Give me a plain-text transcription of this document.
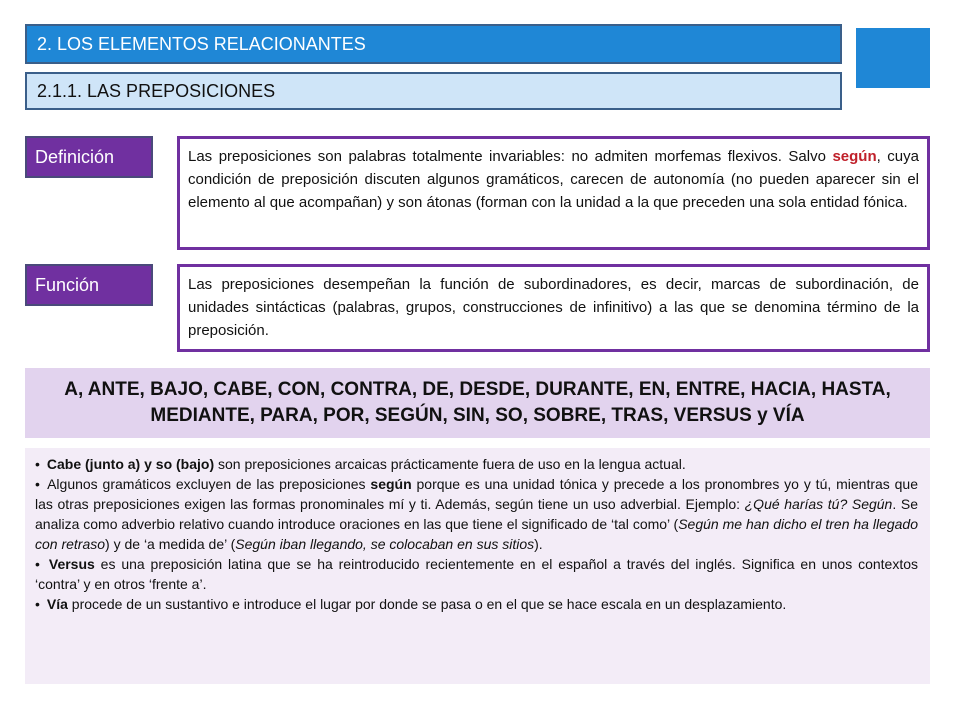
2. LOS ELEMENTOS RELACIONANTES
2.1.1. LAS PREPOSICIONES
Definición	Las preposiciones son palabras totalmente invariables: no admiten morfemas flexivos. Salvo según, cuya condición de preposición discuten algunos gramáticos, carecen de autonomía (no pueden aparecer sin el elemento al que acompañan) y son átonas (forman con la unidad a la que preceden una sola entidad fónica.
Función	Las preposiciones desempeñan la función de subordinadores, es decir, marcas de subordinación, de unidades sintácticas (palabras, grupos, construcciones de infinitivo) a las que se denomina término de la preposición.
A, ANTE, BAJO, CABE, CON, CONTRA, DE, DESDE, DURANTE, EN, ENTRE, HACIA, HASTA, MEDIANTE, PARA, POR, SEGÚN, SIN, SO, SOBRE, TRAS, VERSUS y VÍA

• Cabe (junto a) y so (bajo) son preposiciones arcaicas prácticamente fuera de uso en la lengua actual.

• Algunos gramáticos excluyen de las preposiciones según porque es una unidad tónica y precede a los pronombres yo y tú, mientras que las otras preposiciones exigen las formas pronominales mí y ti. Además, según tiene un uso adverbial. Ejemplo: ¿Qué harías tú? Según. Se analiza como adverbio relativo cuando introduce oraciones en las que tiene el significado de ‘tal como’ (Según me han dicho el tren ha llegado con retraso) y de ‘a medida de’ (Según iban llegando, se colocaban en sus sitios).

• Versus es una preposición latina que se ha reintroducido recientemente en el español a través del inglés. Significa en unos contextos ‘contra’ y en otros ‘frente a’.

• Vía procede de un sustantivo e introduce el lugar por donde se pasa o en el que se hace escala en un desplazamiento.
